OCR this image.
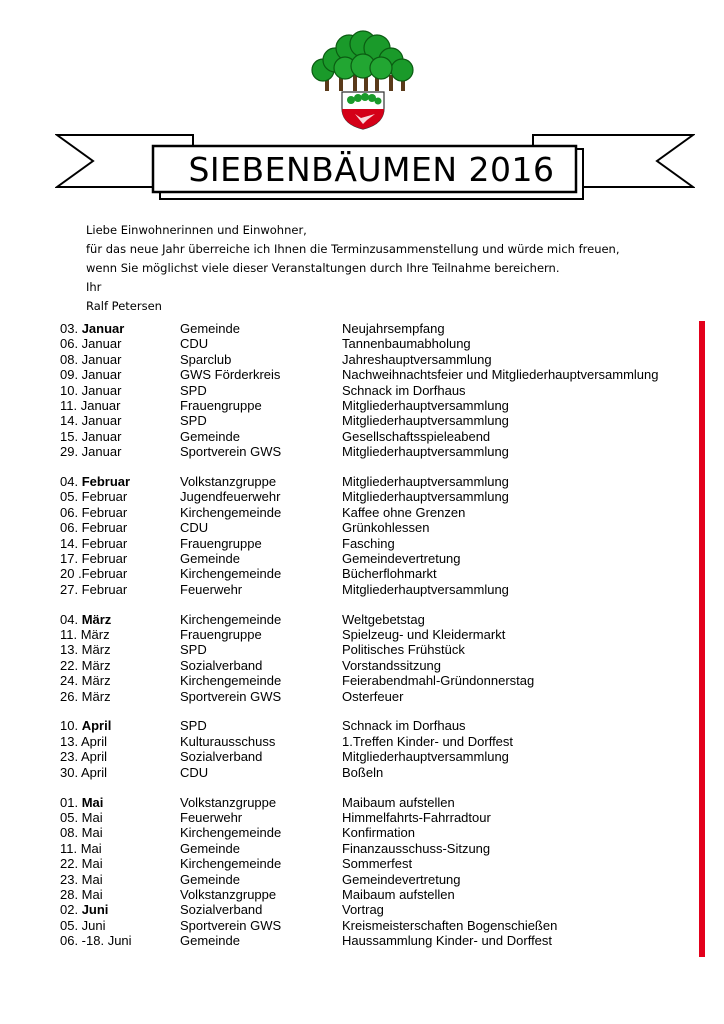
SIEBENBÄUMEN 2016
Liebe Einwohnerinnen und Einwohner,
für das neue Jahr überreiche ich Ihnen die Terminzusammenstellung und würde mich freuen,
wenn Sie möglichst viele dieser Veranstaltungen durch Ihre Teilnahme bereichern.
Ihr
Ralf Petersen
03. Januar	Gemeinde	Neujahrsempfang
06. Januar	CDU	Tannenbaumabholung
08. Januar	Sparclub	Jahreshauptversammlung
09. Januar	GWS Förderkreis	Nachweihnachtsfeier und Mitgliederhauptversammlung
10. Januar	SPD	Schnack im Dorfhaus
11. Januar	Frauengruppe	Mitgliederhauptversammlung
14. Januar	SPD	Mitgliederhauptversammlung
15. Januar	Gemeinde	Gesellschaftsspieleabend
29. Januar	Sportverein GWS	Mitgliederhauptversammlung
04. Februar	Volkstanzgruppe	Mitgliederhauptversammlung
05. Februar	Jugendfeuerwehr	Mitgliederhauptversammlung
06. Februar	Kirchengemeinde	Kaffee ohne Grenzen
06. Februar	CDU	Grünkohlessen
14. Februar	Frauengruppe	Fasching
17. Februar	Gemeinde	Gemeindevertretung
20 .Februar	Kirchengemeinde	Bücherflohmarkt
27. Februar	Feuerwehr	Mitgliederhauptversammlung
04. März	Kirchengemeinde	Weltgebetstag
11. März	Frauengruppe	Spielzeug- und Kleidermarkt
13. März	SPD	Politisches Frühstück
22. März	Sozialverband	Vorstandssitzung
24. März	Kirchengemeinde	Feierabendmahl-Gründonnerstag
26. März	Sportverein GWS	Osterfeuer
10. April	SPD	Schnack im Dorfhaus
13. April	Kulturausschuss	1.Treffen Kinder- und Dorffest
23. April	Sozialverband	Mitgliederhauptversammlung
30. April	CDU	Boßeln
01. Mai	Volkstanzgruppe	Maibaum aufstellen
05. Mai	Feuerwehr	Himmelfahrts-Fahrradtour
08. Mai	Kirchengemeinde	Konfirmation
11. Mai	Gemeinde	Finanzausschuss-Sitzung
22. Mai	Kirchengemeinde	Sommerfest
23. Mai	Gemeinde	Gemeindevertretung
28. Mai	Volkstanzgruppe	Maibaum aufstellen
02. Juni	Sozialverband	Vortrag
05. Juni	Sportverein GWS	Kreismeisterschaften Bogenschießen
06. -18. Juni	Gemeinde	Haussammlung Kinder- und Dorffest
